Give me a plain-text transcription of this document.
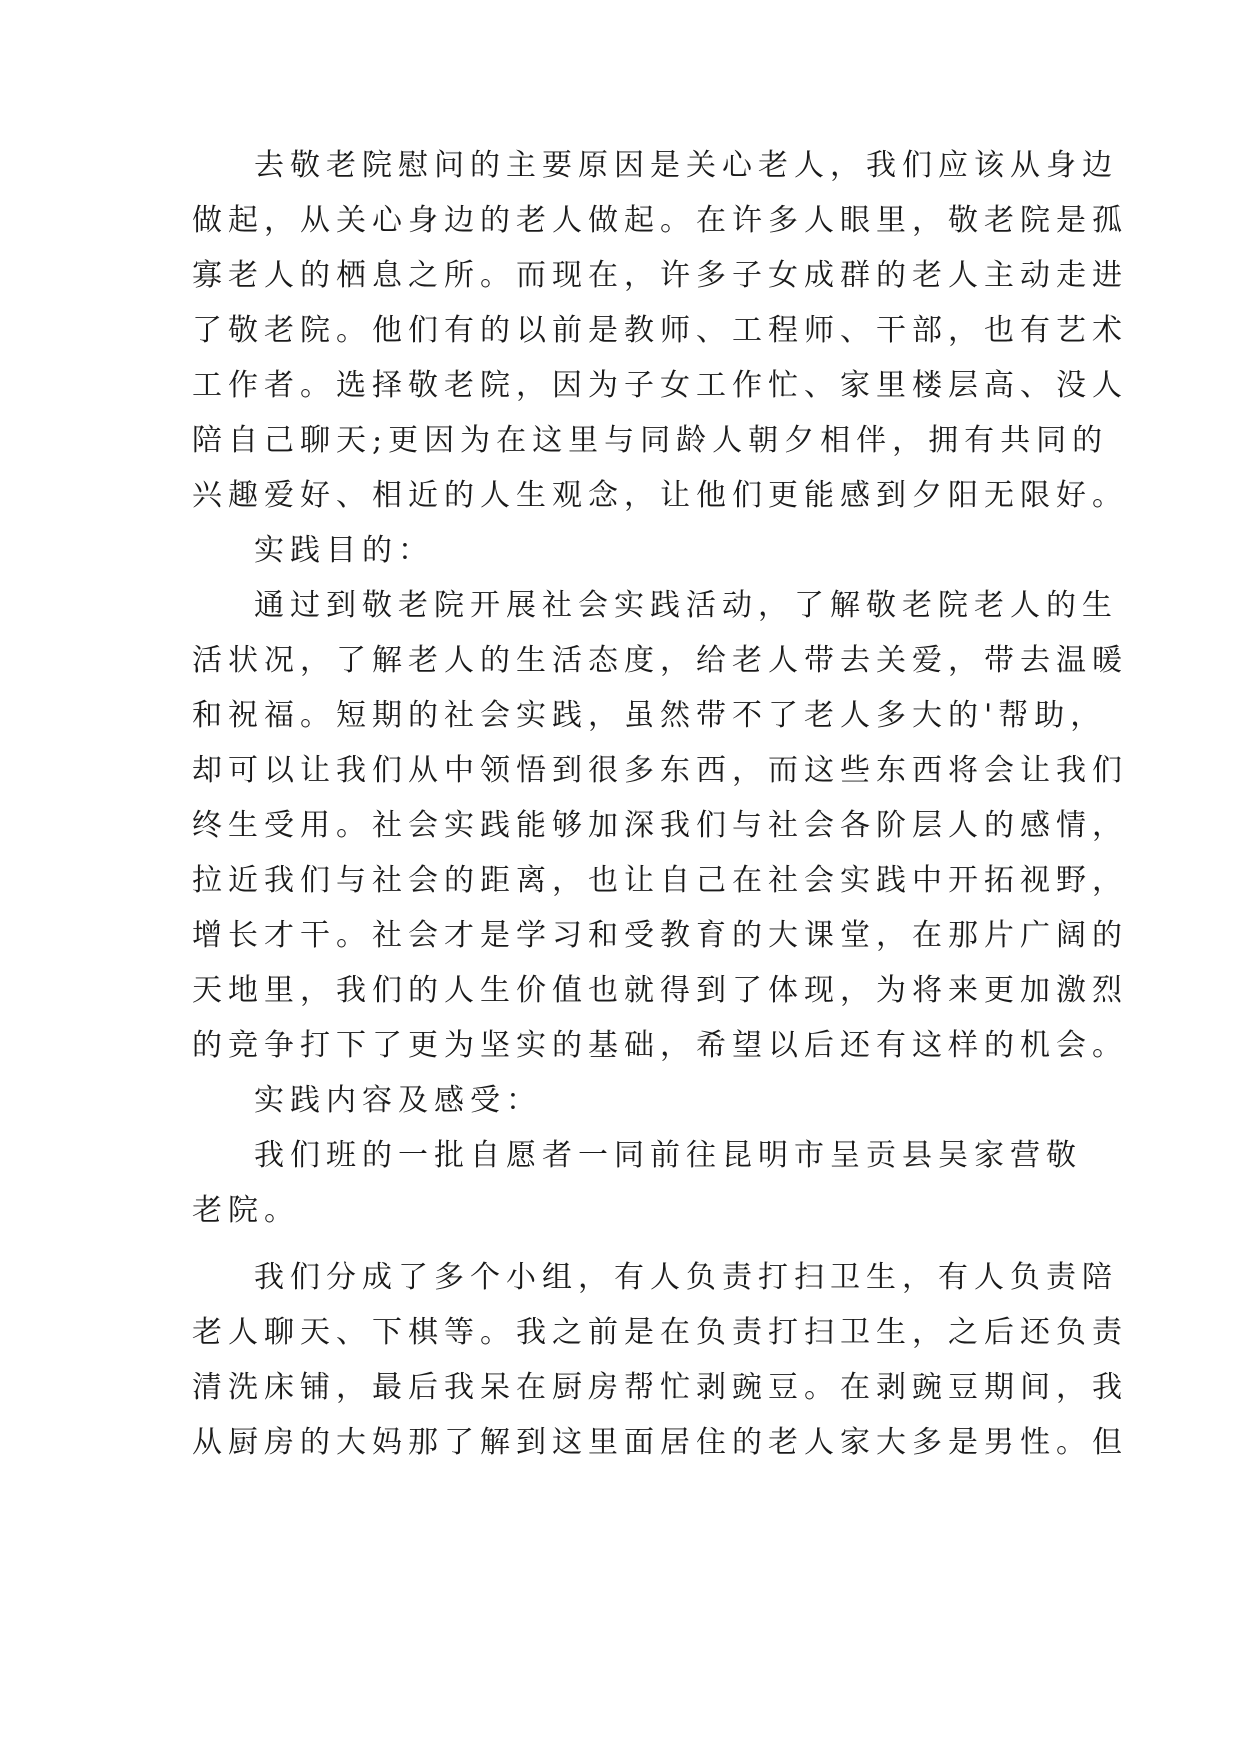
去敬老院慰问的主要原因是关心老人，我们应该从身边
做起，从关心身边的老人做起。在许多人眼里，敬老院是孤
寡老人的栖息之所。而现在，许多子女成群的老人主动走进
了敬老院。他们有的以前是教师、工程师、干部，也有艺术
工作者。选择敬老院，因为子女工作忙、家里楼层高、没人
陪自己聊天;更因为在这里与同龄人朝夕相伴，拥有共同的
兴趣爱好、相近的人生观念，让他们更能感到夕阳无限好。
实践目的：
通过到敬老院开展社会实践活动，了解敬老院老人的生
活状况，了解老人的生活态度，给老人带去关爱，带去温暖
和祝福。短期的社会实践，虽然带不了老人多大的'帮助，
却可以让我们从中领悟到很多东西，而这些东西将会让我们
终生受用。社会实践能够加深我们与社会各阶层人的感情，
拉近我们与社会的距离，也让自己在社会实践中开拓视野，
增长才干。社会才是学习和受教育的大课堂，在那片广阔的
天地里，我们的人生价值也就得到了体现，为将来更加激烈
的竞争打下了更为坚实的基础，希望以后还有这样的机会。
实践内容及感受：
我们班的一批自愿者一同前往昆明市呈贡县吴家营敬
老院。
我们分成了多个小组，有人负责打扫卫生，有人负责陪
老人聊天、下棋等。我之前是在负责打扫卫生，之后还负责
清洗床铺，最后我呆在厨房帮忙剥豌豆。在剥豌豆期间，我
从厨房的大妈那了解到这里面居住的老人家大多是男性。但
